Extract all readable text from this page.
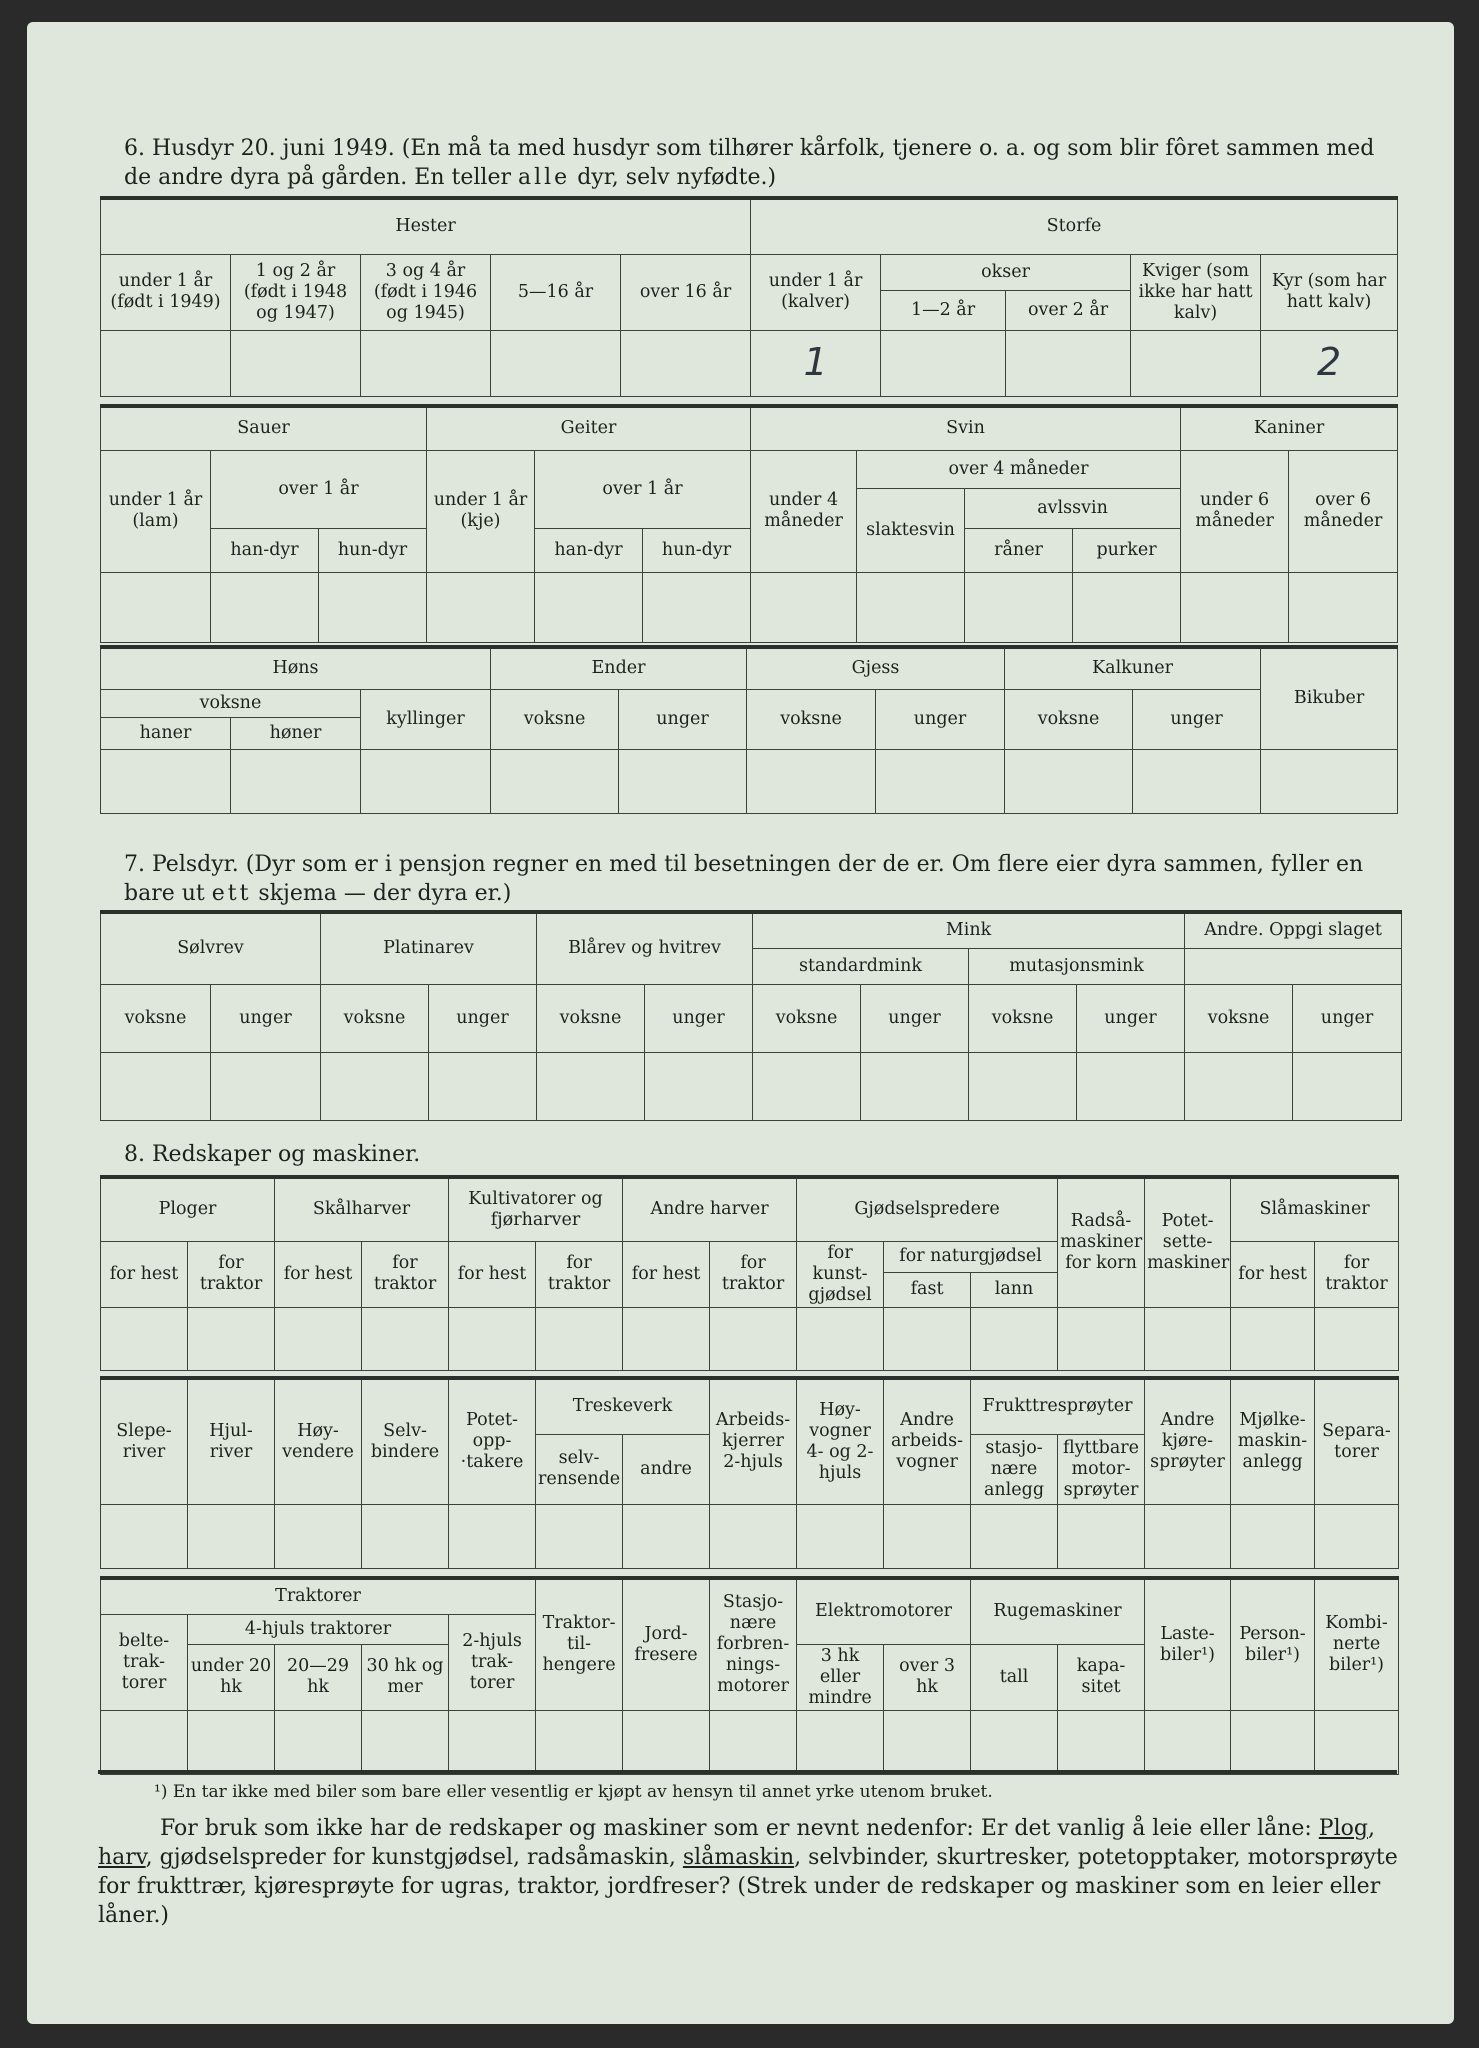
6. Husdyr 20. juni 1949. (En må ta med husdyr som tilhører kårfolk, tjenere o. a. og som blir fôret sammen med de andre dyra på gården. En teller alle dyr, selv nyfødte.)
Hester					Storfe				
under 1 år (født i 1949)	1 og 2 år (født i 1948 og 1947)	3 og 4 år (født i 1946 og 1945)	5—16 år	over 16 år	under 1 år (kalver)	okser		Kviger (som ikke har hatt kalv)	Kyr (som har hatt kalv)
						1—2 år	over 2 år		
					1				2
Sauer			Geiter			Svin				Kaniner	
under 1 år (lam)	over 1 år		under 1 år (kje)	over 1 år		under 4 måneder	over 4 måneder			under 6 måneder	over 6 måneder
							slaktesvin	avlssvin			
	han-dyr	hun-dyr		han-dyr	hun-dyr			råner	purker		

Høns			Ender		Gjess		Kalkuner		Bikuber
voksne		kyllinger	voksne	unger	voksne	unger	voksne	unger	
haner	høner								

7. Pelsdyr. (Dyr som er i pensjon regner en med til besetningen der de er. Om flere eier dyra sammen, fyller en bare ut ett skjema — der dyra er.)
Sølvrev		Platinarev		Blårev og hvitrev		Mink				Andre. Oppgi slaget	
						standardmink		mutasjonsmink			
voksne	unger	voksne	unger	voksne	unger	voksne	unger	voksne	unger	voksne	unger

8. Redskaper og maskiner.
Ploger		Skålharver		Kultivatorer og fjørharver		Andre harver		Gjødselspredere			Radså-maskiner for korn	Potet-sette-maskiner	Slåmaskiner	
for hest	for traktor	for hest	for traktor	for hest	for traktor	for hest	for traktor	for kunst-gjødsel	for naturgjødsel				for hest	for traktor
									fast	lann				

Slepe-river	Hjul-river	Høy-vendere	Selv-bindere	Potet-opp-·takere	Treskeverk		Arbeids-kjerrer 2-hjuls	Høy-vogner 4- og 2-hjuls	Andre arbeids-vogner	Frukttresprøyter		Andre kjøre-sprøyter	Mjølke-maskin-anlegg	Separa-torer
					selv-rensende	andre				stasjo-nære anlegg	flyttbare motor-sprøyter			

Traktorer					Traktor-til-hengere	Jord-fresere	Stasjo-nære forbren-nings-motorer	Elektromotorer		Rugemaskiner		Laste-biler¹)	Person-biler¹)	Kombi-nerte biler¹)
belte-trak-torer	4-hjuls traktorer			2-hjuls trak-torer										
	under 20 hk	20—29 hk	30 hk og mer					3 hk eller mindre	over 3 hk	tall	kapa-sitet			

¹) En tar ikke med biler som bare eller vesentlig er kjøpt av hensyn til annet yrke utenom bruket.
For bruk som ikke har de redskaper og maskiner som er nevnt nedenfor: Er det vanlig å leie eller låne: Plog, harv, gjødselspreder for kunstgjødsel, radsåmaskin, slåmaskin, selvbinder, skurtresker, potetopptaker, motorsprøyte for frukttrær, kjøresprøyte for ugras, traktor, jordfreser? (Strek under de redskaper og maskiner som en leier eller låner.)
